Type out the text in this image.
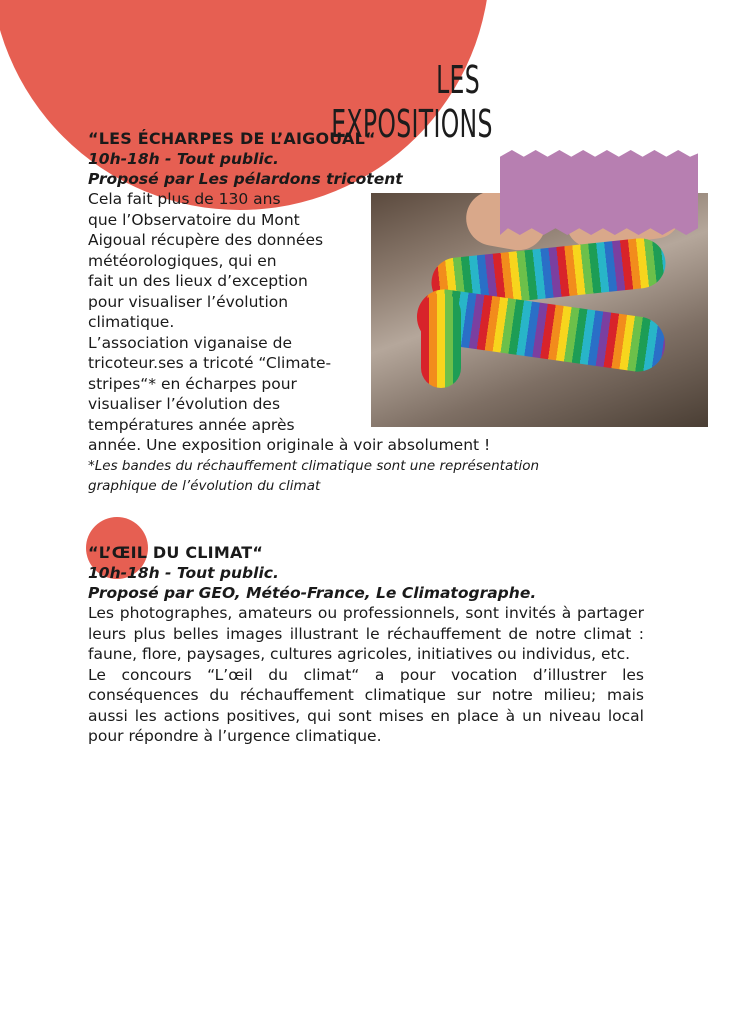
LES EXPOSITIONS
“LES ÉCHARPES DE L’AIGOUAL“

10h-18h - Tout public.

Proposé par Les pélardons tricotent

Cela fait plus de 130 ans
que l’Observatoire du Mont
Aigoual récupère des données
météorologiques, qui en
fait un des lieux d’exception
pour visualiser l’évolution
climatique.
L’association viganaise de
tricoteur.ses a tricoté “Climate-
stripes“* en écharpes pour
visualiser l’évolution des
températures année après
année. Une exposition originale à voir absolument !
*Les bandes du réchauffement climatique sont une représentation
graphique de l’évolution du climat
“L’ŒIL DU CLIMAT“

10h-18h - Tout public.

Proposé par GEO, Météo-France, Le Climatographe.

Les photographes, amateurs ou professionnels, sont invités à partager leurs plus belles images illustrant le réchauffement de notre climat : faune, flore, paysages, cultures agricoles, initiatives ou individus, etc.

Le concours “L’œil du climat“ a pour vocation d’illustrer les conséquences du réchauffement climatique sur notre milieu; mais aussi les actions positives, qui sont mises en place à un niveau local pour répondre à l’urgence climatique.
